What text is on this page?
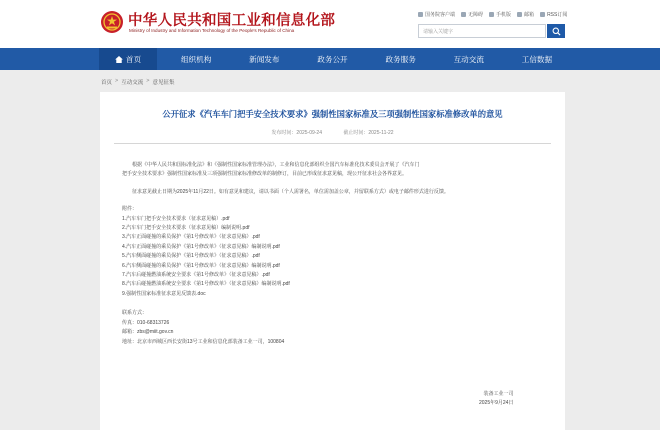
中华人民共和国工业和信息化部
Ministry of Industry and Information Technology of the People's Republic of China
国务院客户端	无障碍	手机版	邮箱	RSS订阅
请输入关键字
首页	组织机构	新闻发布	政务公开	政务服务	互动交流	工信数据
首页 > 互动交流 > 意见征集
公开征求《汽车车门把手安全技术要求》强制性国家标准及三项强制性国家标准修改单的意见
发布时间：2025-09-24	截止时间：2025-11-22

根据《中华人民共和国标准化法》和《强制性国家标准管理办法》，工业和信息化部组织全国汽车标准化技术委员会开展了《汽车门

把手安全技术要求》强制性国家标准及三项强制性国家标准修改单的制修订，目前已形成征求意见稿，现公开征求社会各界意见。

征求意见截止日期为2025年11月22日。如有意见和建议，请以书面（个人需署名，单位需加盖公章，并留联系方式）或电子邮件形式进行反馈。

附件：

1.汽车车门把手安全技术要求（征求意见稿）.pdf

2.汽车车门把手安全技术要求（征求意见稿）编制说明.pdf

3.汽车正面碰撞的乘员保护《第1号修改单》（征求意见稿）.pdf

4.汽车正面碰撞的乘员保护《第1号修改单》（征求意见稿）编制说明.pdf

5.汽车侧面碰撞的乘员保护《第1号修改单》（征求意见稿）.pdf

6.汽车侧面碰撞的乘员保护《第1号修改单》（征求意见稿）编制说明.pdf

7.汽车后碰撞燃油系统安全要求《第1号修改单》（征求意见稿）.pdf

8.汽车后碰撞燃油系统安全要求《第1号修改单》（征求意见稿）编制说明.pdf

9.强制性国家标准征求意见反馈表.doc

联系方式：

传真：010-68313726

邮箱：zbs@miit.gov.cn

地址：北京市西城区西长安街13号工业和信息化部装备工业一司，100804

装备工业一司

2025年9月24日
